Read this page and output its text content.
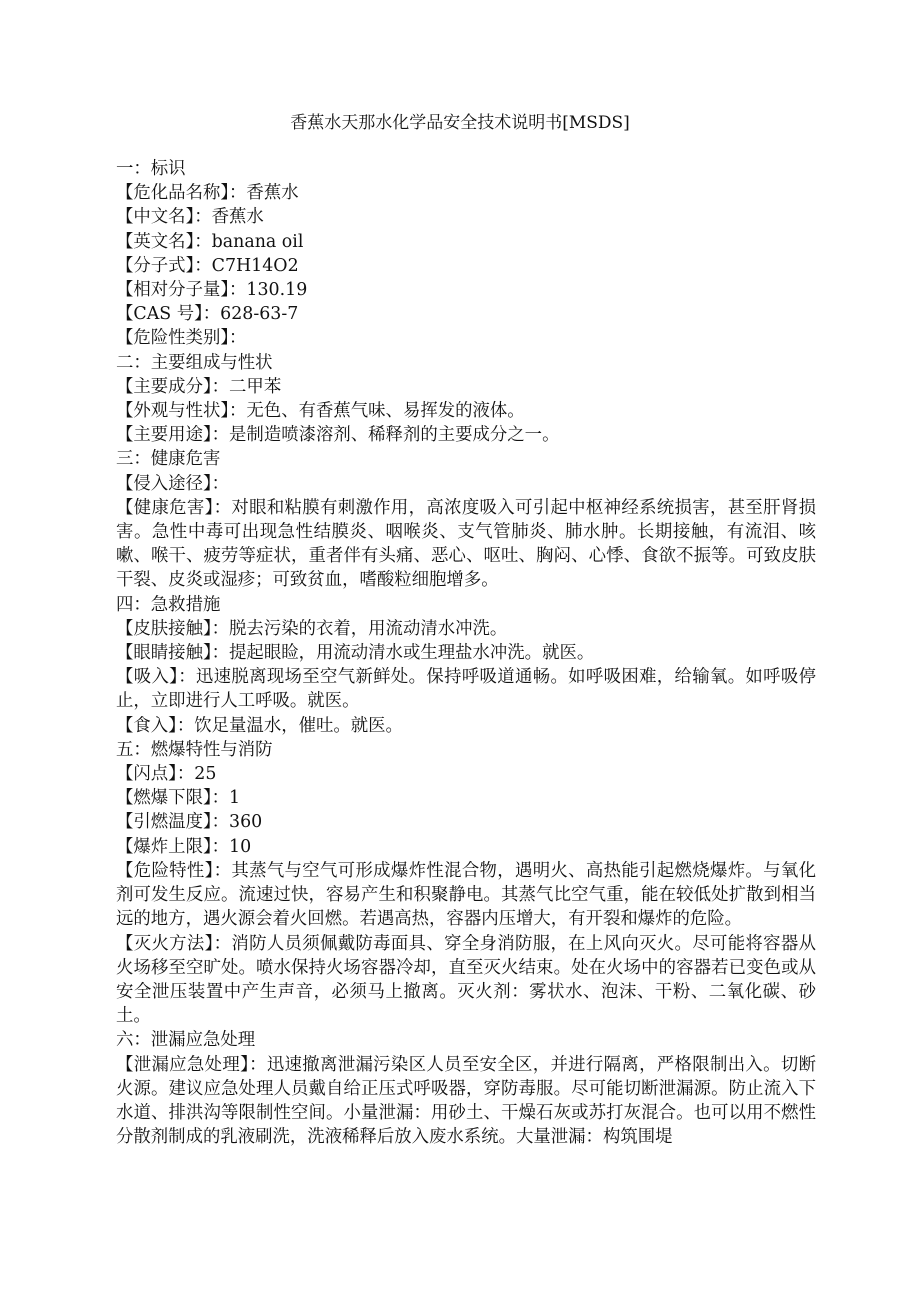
香蕉水天那水化学品安全技术说明书[MSDS]

一：标识

【危化品名称】：香蕉水

【中文名】：香蕉水

【英文名】：banana oil

【分子式】：C7H14O2

【相对分子量】：130.19

【CAS 号】：628-63-7

【危险性类别】：

二：主要组成与性状

【主要成分】：二甲苯

【外观与性状】：无色、有香蕉气味、易挥发的液体。

【主要用途】：是制造喷漆溶剂、稀释剂的主要成分之一。

三：健康危害

【侵入途径】：

【健康危害】：对眼和粘膜有刺激作用，高浓度吸入可引起中枢神经系统损害，甚至肝肾损害。急性中毒可出现急性结膜炎、咽喉炎、支气管肺炎、肺水肿。长期接触，有流泪、咳嗽、喉干、疲劳等症状，重者伴有头痛、恶心、呕吐、胸闷、心悸、食欲不振等。可致皮肤干裂、皮炎或湿疹；可致贫血，嗜酸粒细胞增多。

四：急救措施

【皮肤接触】：脱去污染的衣着，用流动清水冲洗。

【眼睛接触】：提起眼睑，用流动清水或生理盐水冲洗。就医。

【吸入】：迅速脱离现场至空气新鲜处。保持呼吸道通畅。如呼吸困难，给输氧。如呼吸停止，立即进行人工呼吸。就医。

【食入】：饮足量温水，催吐。就医。

五：燃爆特性与消防

【闪点】：25

【燃爆下限】：1

【引燃温度】：360

【爆炸上限】：10

【危险特性】：其蒸气与空气可形成爆炸性混合物，遇明火、高热能引起燃烧爆炸。与氧化剂可发生反应。流速过快，容易产生和积聚静电。其蒸气比空气重，能在较低处扩散到相当远的地方，遇火源会着火回燃。若遇高热，容器内压增大，有开裂和爆炸的危险。

【灭火方法】：消防人员须佩戴防毒面具、穿全身消防服，在上风向灭火。尽可能将容器从火场移至空旷处。喷水保持火场容器冷却，直至灭火结束。处在火场中的容器若已变色或从安全泄压装置中产生声音，必须马上撤离。灭火剂：雾状水、泡沫、干粉、二氧化碳、砂土。

六：泄漏应急处理

【泄漏应急处理】：迅速撤离泄漏污染区人员至安全区，并进行隔离，严格限制出入。切断火源。建议应急处理人员戴自给正压式呼吸器，穿防毒服。尽可能切断泄漏源。防止流入下水道、排洪沟等限制性空间。小量泄漏：用砂土、干燥石灰或苏打灰混合。也可以用不燃性分散剂制成的乳液刷洗，洗液稀释后放入废水系统。大量泄漏：构筑围堤
